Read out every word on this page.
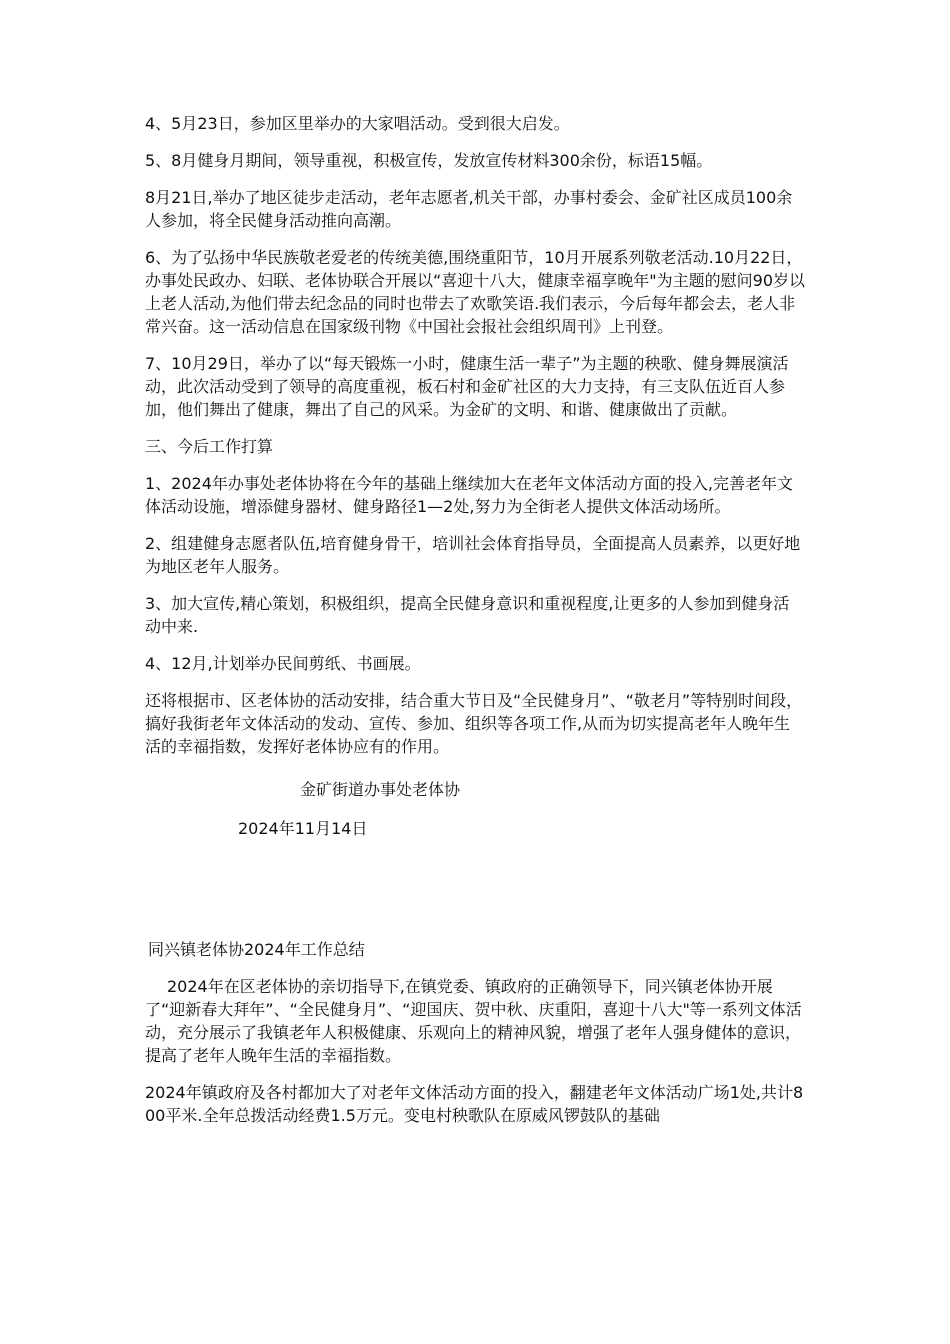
4、5月23日，参加区里举办的大家唱活动。受到很大启发。

5、8月健身月期间，领导重视，积极宣传，发放宣传材料300余份，标语15幅。

8月21日,举办了地区徒步走活动，老年志愿者,机关干部，办事村委会、金矿社区成员100余人参加，将全民健身活动推向高潮。

6、为了弘扬中华民族敬老爱老的传统美德,围绕重阳节，10月开展系列敬老活动.10月22日，办事处民政办、妇联、老体协联合开展以“喜迎十八大，健康幸福享晚年"为主题的慰问90岁以上老人活动,为他们带去纪念品的同时也带去了欢歌笑语.我们表示，今后每年都会去，老人非常兴奋。这一活动信息在国家级刊物《中国社会报社会组织周刊》上刊登。

7、10月29日，举办了以“每天锻炼一小时，健康生活一辈子”为主题的秧歌、健身舞展演活动，此次活动受到了领导的高度重视，板石村和金矿社区的大力支持，有三支队伍近百人参加，他们舞出了健康，舞出了自己的风采。为金矿的文明、和谐、健康做出了贡献。

三、今后工作打算

1、2024年办事处老体协将在今年的基础上继续加大在老年文体活动方面的投入,完善老年文体活动设施，增添健身器材、健身路径1—2处,努力为全街老人提供文体活动场所。

2、组建健身志愿者队伍,培育健身骨干，培训社会体育指导员，全面提高人员素养，以更好地为地区老年人服务。

3、加大宣传,精心策划，积极组织，提高全民健身意识和重视程度,让更多的人参加到健身活动中来.

4、12月,计划举办民间剪纸、书画展。

还将根据市、区老体协的活动安排，结合重大节日及“全民健身月”、“敬老月”等特别时间段，搞好我街老年文体活动的发动、宣传、参加、组织等各项工作,从而为切实提高老年人晚年生活的幸福指数，发挥好老体协应有的作用。

金矿街道办事处老体协
2024年11月14日
同兴镇老体协2024年工作总结

2024年在区老体协的亲切指导下,在镇党委、镇政府的正确领导下，同兴镇老体协开展了“迎新春大拜年”、“全民健身月”、“迎国庆、贺中秋、庆重阳，喜迎十八大"等一系列文体活动，充分展示了我镇老年人积极健康、乐观向上的精神风貌，增强了老年人强身健体的意识，提高了老年人晚年生活的幸福指数。

2024年镇政府及各村都加大了对老年文体活动方面的投入，翻建老年文体活动广场1处,共计800平米.全年总拨活动经费1.5万元。变电村秧歌队在原威风锣鼓队的基础
